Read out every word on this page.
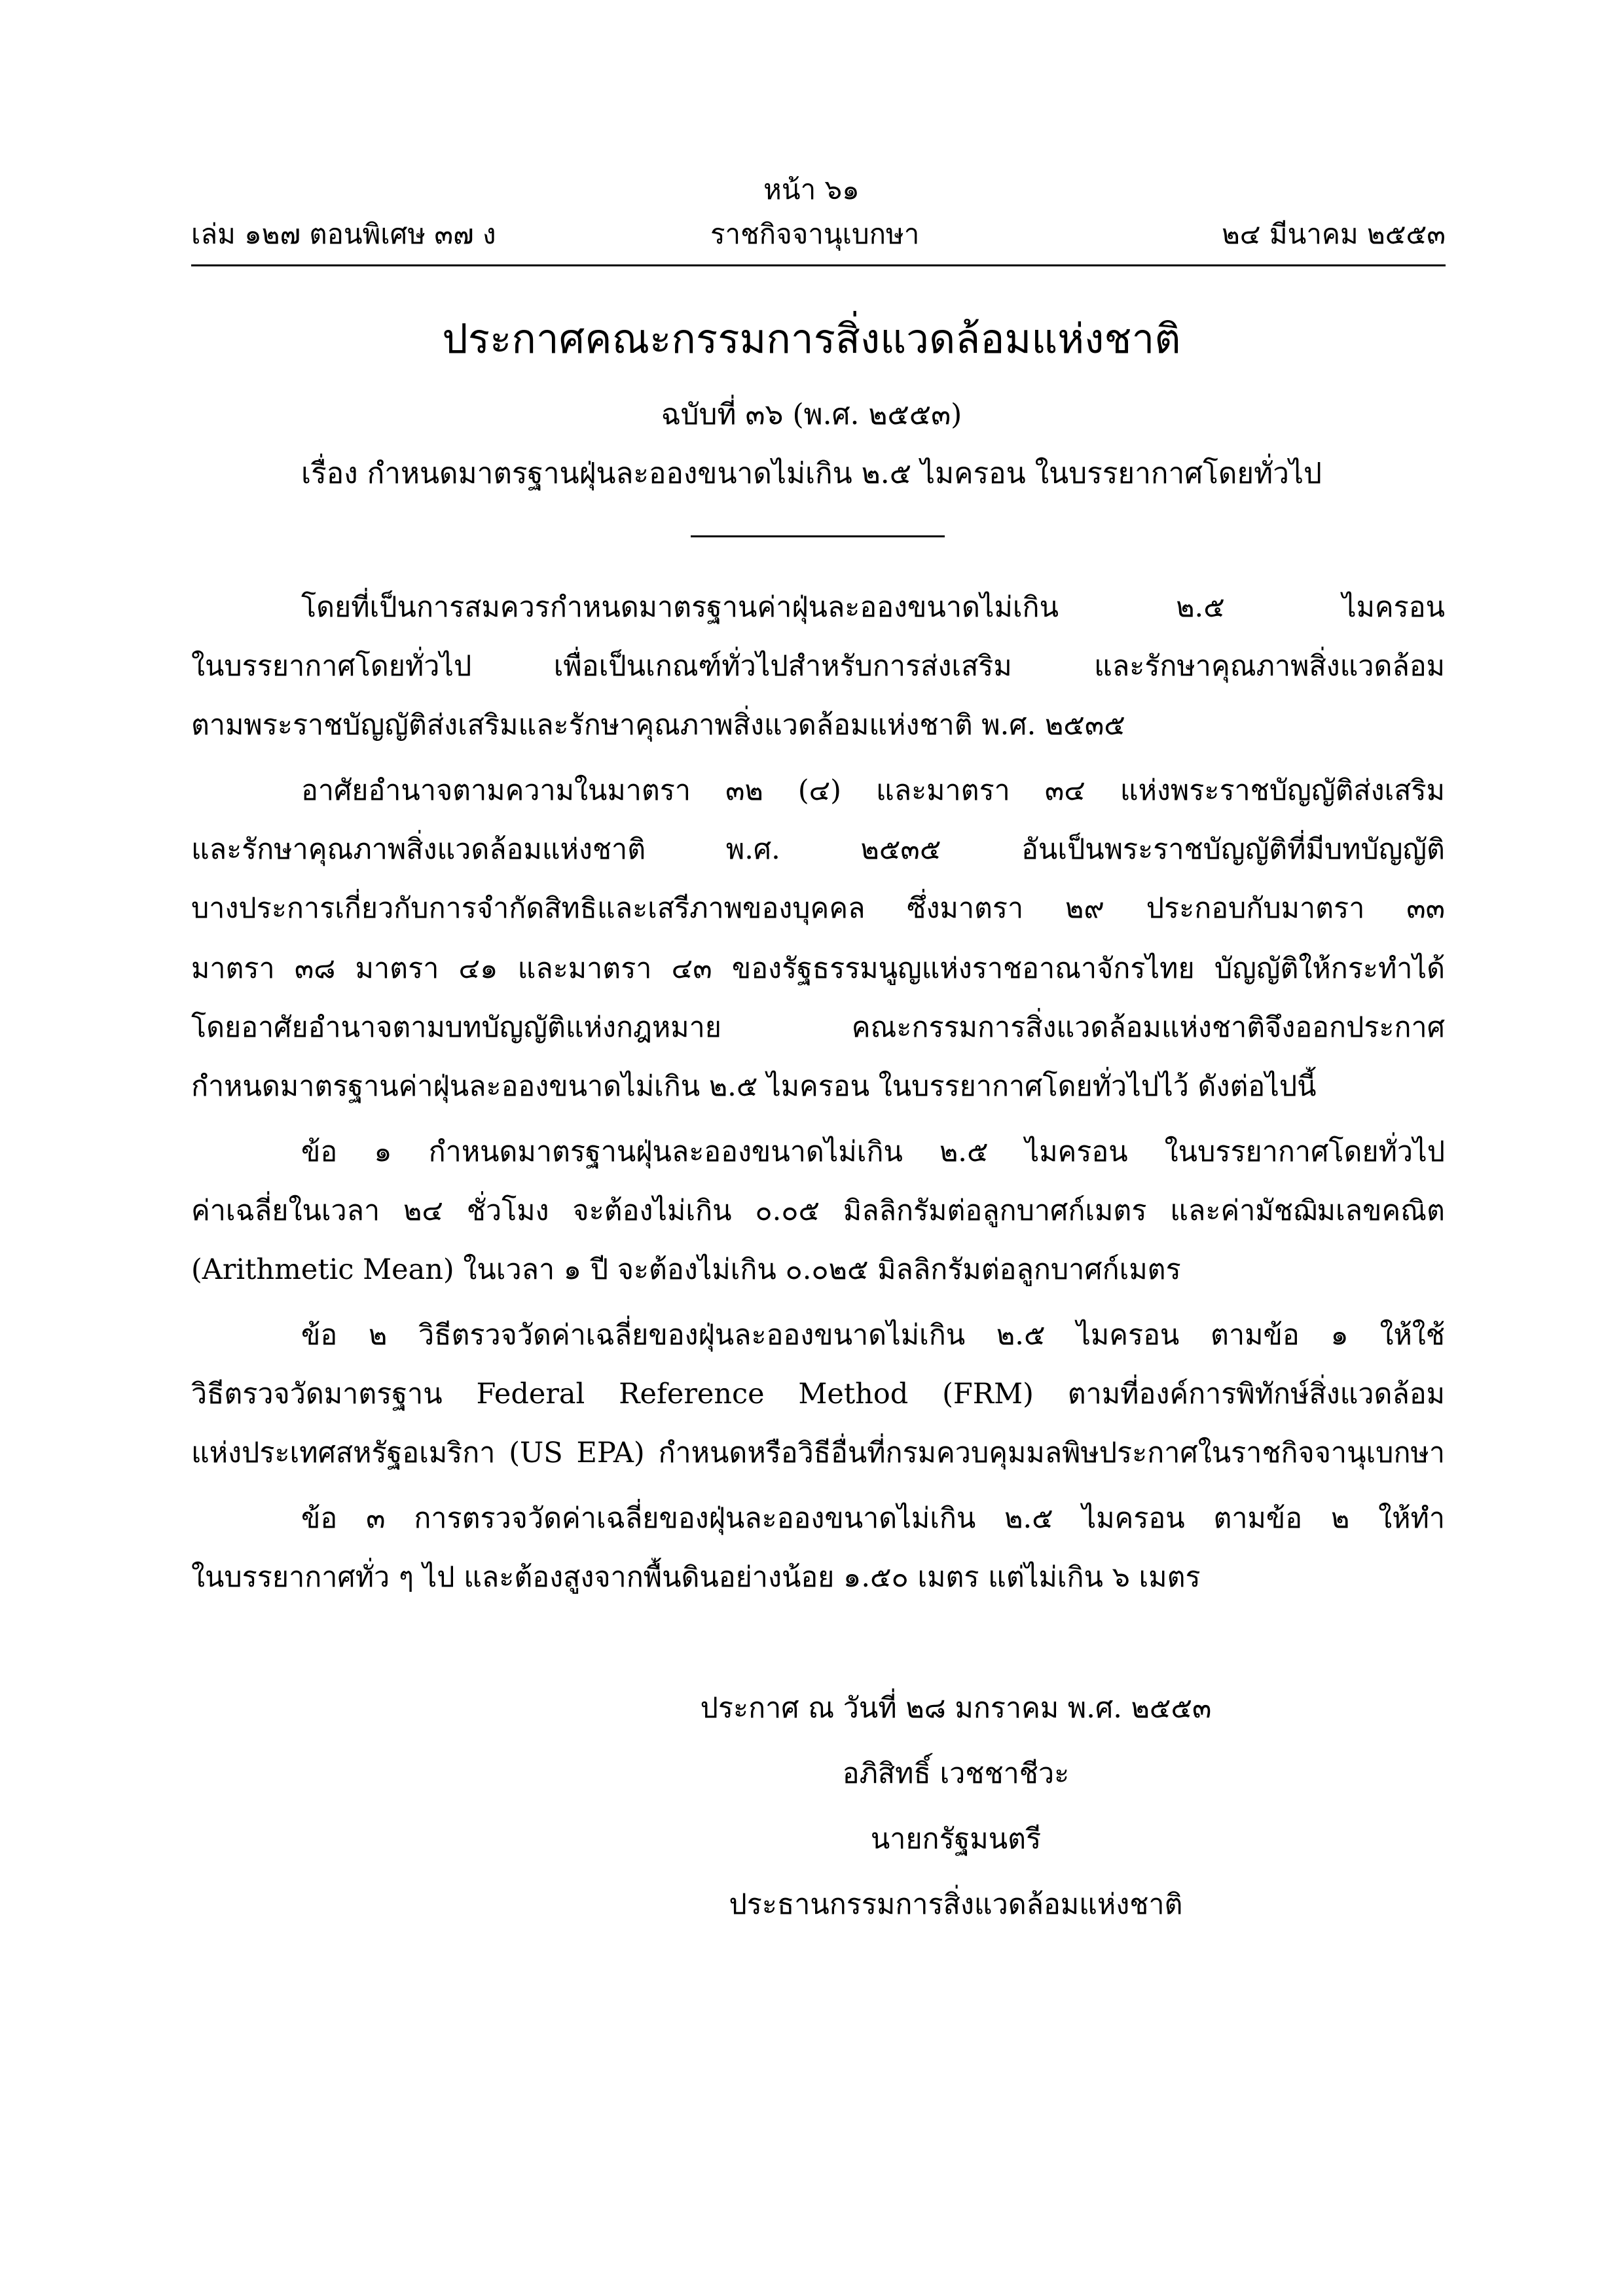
หน้า ๖๑
เล่ม ๑๒๗ ตอนพิเศษ ๓๗ ง	ราชกิจจานุเบกษา	๒๔ มีนาคม ๒๕๕๓
ประกาศคณะกรรมการสิ่งแวดล้อมแห่งชาติ
ฉบับที่ ๓๖ (พ.ศ. ๒๕๕๓)
เรื่อง กำหนดมาตรฐานฝุ่นละอองขนาดไม่เกิน ๒.๕ ไมครอน ในบรรยากาศโดยทั่วไป
โดยที่เป็นการสมควรกำหนดมาตรฐานค่าฝุ่นละอองขนาดไม่เกิน ๒.๕ ไมครอน
ในบรรยากาศโดยทั่วไป เพื่อเป็นเกณฑ์ทั่วไปสำหรับการส่งเสริม และรักษาคุณภาพสิ่งแวดล้อม
ตามพระราชบัญญัติส่งเสริมและรักษาคุณภาพสิ่งแวดล้อมแห่งชาติ พ.ศ. ๒๕๓๕
อาศัยอำนาจตามความในมาตรา ๓๒ (๔) และมาตรา ๓๔ แห่งพระราชบัญญัติส่งเสริม
และรักษาคุณภาพสิ่งแวดล้อมแห่งชาติ พ.ศ. ๒๕๓๕ อันเป็นพระราชบัญญัติที่มีบทบัญญัติ
บางประการเกี่ยวกับการจำกัดสิทธิและเสรีภาพของบุคคล ซึ่งมาตรา ๒๙ ประกอบกับมาตรา ๓๓
มาตรา ๓๘ มาตรา ๔๑ และมาตรา ๔๓ ของรัฐธรรมนูญแห่งราชอาณาจักรไทย บัญญัติให้กระทำได้
โดยอาศัยอำนาจตามบทบัญญัติแห่งกฎหมาย คณะกรรมการสิ่งแวดล้อมแห่งชาติจึงออกประกาศ
กำหนดมาตรฐานค่าฝุ่นละอองขนาดไม่เกิน ๒.๕ ไมครอน ในบรรยากาศโดยทั่วไปไว้ ดังต่อไปนี้
ข้อ ๑ กำหนดมาตรฐานฝุ่นละอองขนาดไม่เกิน ๒.๕ ไมครอน ในบรรยากาศโดยทั่วไป
ค่าเฉลี่ยในเวลา ๒๔ ชั่วโมง จะต้องไม่เกิน ๐.๐๕ มิลลิกรัมต่อลูกบาศก์เมตร และค่ามัชฌิมเลขคณิต
(Arithmetic Mean) ในเวลา ๑ ปี จะต้องไม่เกิน ๐.๐๒๕ มิลลิกรัมต่อลูกบาศก์เมตร
ข้อ ๒ วิธีตรวจวัดค่าเฉลี่ยของฝุ่นละอองขนาดไม่เกิน ๒.๕ ไมครอน ตามข้อ ๑ ให้ใช้
วิธีตรวจวัดมาตรฐาน Federal Reference Method (FRM) ตามที่องค์การพิทักษ์สิ่งแวดล้อม
แห่งประเทศสหรัฐอเมริกา (US EPA) กำหนดหรือวิธีอื่นที่กรมควบคุมมลพิษประกาศในราชกิจจานุเบกษา
ข้อ ๓ การตรวจวัดค่าเฉลี่ยของฝุ่นละอองขนาดไม่เกิน ๒.๕ ไมครอน ตามข้อ ๒ ให้ทำ
ในบรรยากาศทั่ว ๆ ไป และต้องสูงจากพื้นดินอย่างน้อย ๑.๕๐ เมตร แต่ไม่เกิน ๖ เมตร
ประกาศ ณ วันที่ ๒๘ มกราคม พ.ศ. ๒๕๕๓
อภิสิทธิ์ เวชชาชีวะ
นายกรัฐมนตรี
ประธานกรรมการสิ่งแวดล้อมแห่งชาติ
